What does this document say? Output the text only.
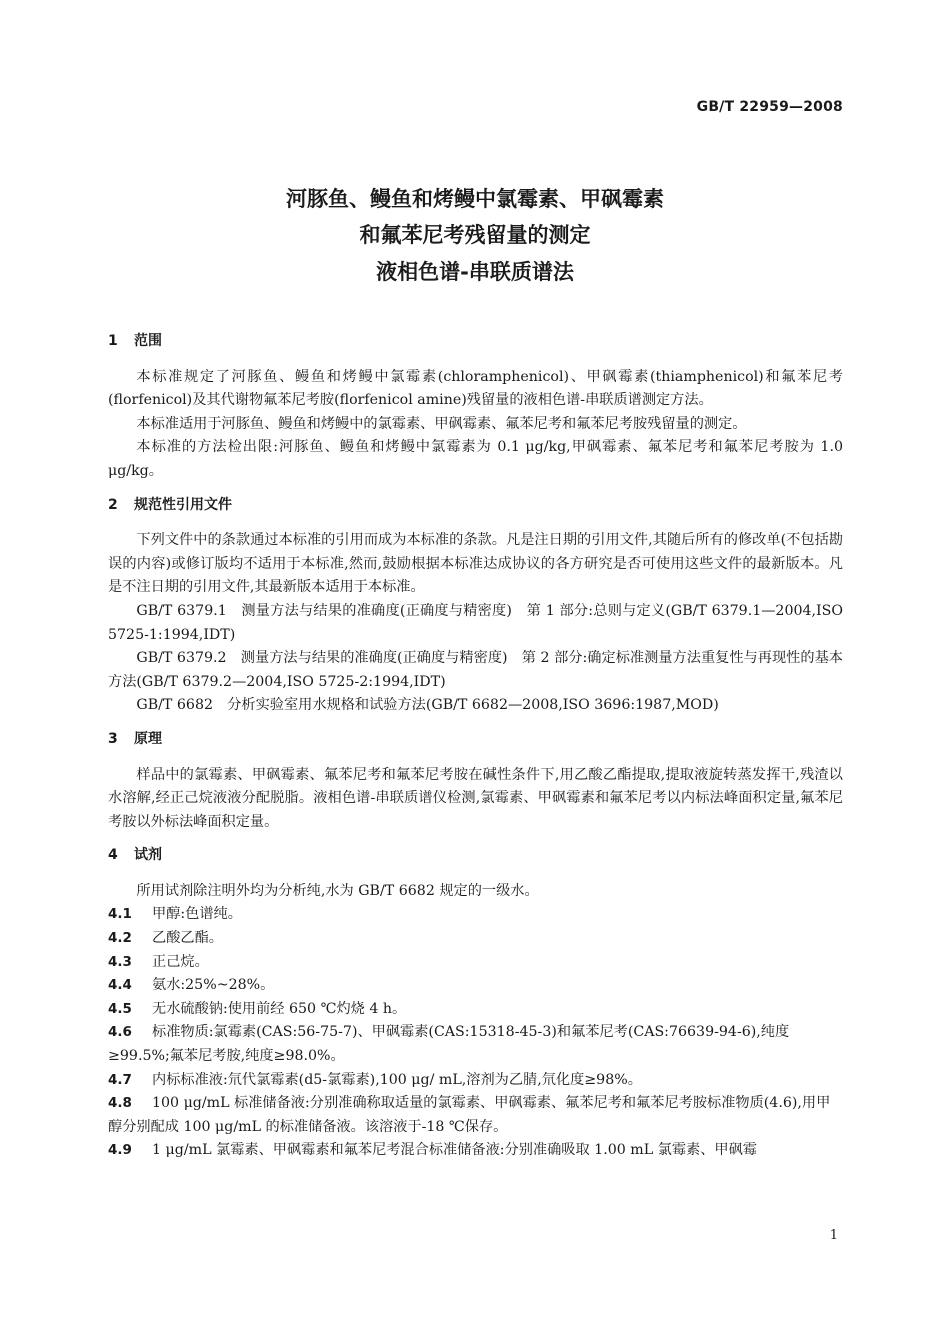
GB/T 22959—2008
河豚鱼、鳗鱼和烤鳗中氯霉素、甲砜霉素
和氟苯尼考残留量的测定
液相色谱-串联质谱法
1	范围

本标准规定了河豚鱼、鳗鱼和烤鳗中氯霉素(chloramphenicol)、甲砜霉素(thiamphenicol)和氟苯尼考(florfenicol)及其代谢物氟苯尼考胺(florfenicol amine)残留量的液相色谱-串联质谱测定方法。

本标准适用于河豚鱼、鳗鱼和烤鳗中的氯霉素、甲砜霉素、氟苯尼考和氟苯尼考胺残留量的测定。

本标准的方法检出限:河豚鱼、鳗鱼和烤鳗中氯霉素为 0.1 μg/kg,甲砜霉素、氟苯尼考和氟苯尼考胺为 1.0 μg/kg。

2	规范性引用文件

下列文件中的条款通过本标准的引用而成为本标准的条款。凡是注日期的引用文件,其随后所有的修改单(不包括勘误的内容)或修订版均不适用于本标准,然而,鼓励根据本标准达成协议的各方研究是否可使用这些文件的最新版本。凡是不注日期的引用文件,其最新版本适用于本标准。

GB/T 6379.1　测量方法与结果的准确度(正确度与精密度)　第 1 部分:总则与定义(GB/T 6379.1—2004,ISO 5725-1:1994,IDT)

GB/T 6379.2　测量方法与结果的准确度(正确度与精密度)　第 2 部分:确定标准测量方法重复性与再现性的基本方法(GB/T 6379.2—2004,ISO 5725-2:1994,IDT)

GB/T 6682　分析实验室用水规格和试验方法(GB/T 6682—2008,ISO 3696:1987,MOD)

3	原理

样品中的氯霉素、甲砜霉素、氟苯尼考和氟苯尼考胺在碱性条件下,用乙酸乙酯提取,提取液旋转蒸发挥干,残渣以水溶解,经正己烷液液分配脱脂。液相色谱-串联质谱仪检测,氯霉素、甲砜霉素和氟苯尼考以内标法峰面积定量,氟苯尼考胺以外标法峰面积定量。

4	试剂

所用试剂除注明外均为分析纯,水为 GB/T 6682 规定的一级水。

4.1	甲醇:色谱纯。
4.2	乙酸乙酯。
4.3	正己烷。
4.4	氨水:25%~28%。
4.5	无水硫酸钠:使用前经 650 ℃灼烧 4 h。
4.6 标准物质:氯霉素(CAS:56-75-7)、甲砜霉素(CAS:15318-45-3)和氟苯尼考(CAS:76639-94-6),纯度≥99.5%;氟苯尼考胺,纯度≥98.0%。
4.7 内标标准液:氘代氯霉素(d5-氯霉素),100 μg/ mL,溶剂为乙腈,氘化度≥98%。
4.8 100 μg/mL 标准储备液:分别准确称取适量的氯霉素、甲砜霉素、氟苯尼考和氟苯尼考胺标准物质(4.6),用甲醇分别配成 100 μg/mL 的标准储备液。该溶液于-18 ℃保存。
4.9 1 μg/mL 氯霉素、甲砜霉素和氟苯尼考混合标准储备液:分别准确吸取 1.00 mL 氯霉素、甲砜霉
1
